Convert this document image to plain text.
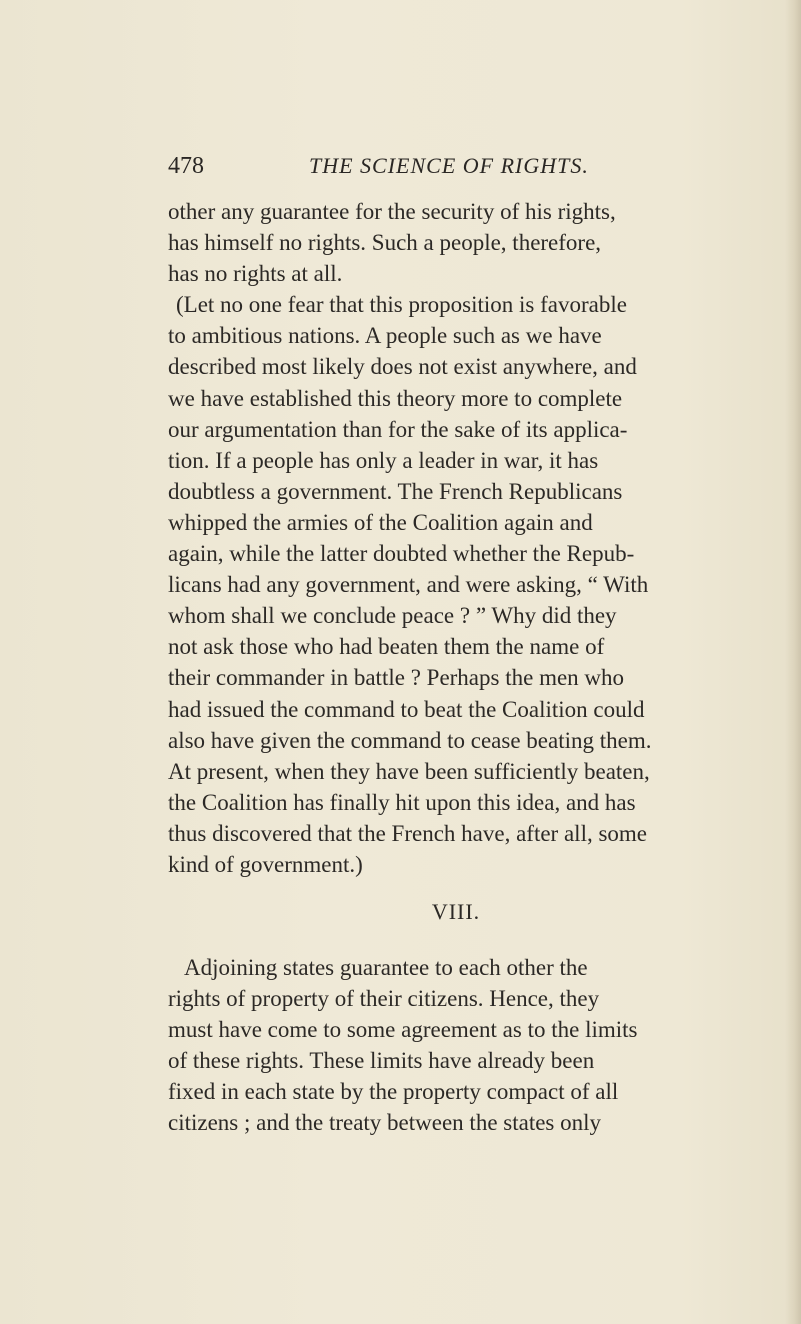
478	THE SCIENCE OF RIGHTS.
other any guarantee for the security of his rights,
has himself no rights. Such a people, therefore,
has no rights at all.
(Let no one fear that this proposition is favorable
to ambitious nations. A people such as we have
described most likely does not exist anywhere, and
we have established this theory more to complete
our argumentation than for the sake of its applica-
tion. If a people has only a leader in war, it has
doubtless a government. The French Republicans
whipped the armies of the Coalition again and
again, while the latter doubted whether the Repub-
licans had any government, and were asking, “ With
whom shall we conclude peace ? ” Why did they
not ask those who had beaten them the name of
their commander in battle ? Perhaps the men who
had issued the command to beat the Coalition could
also have given the command to cease beating them.
At present, when they have been sufficiently beaten,
the Coalition has finally hit upon this idea, and has
thus discovered that the French have, after all, some
kind of government.)
VIII.
Adjoining states guarantee to each other the
rights of property of their citizens. Hence, they
must have come to some agreement as to the limits
of these rights. These limits have already been
fixed in each state by the property compact of all
citizens ; and the treaty between the states only
